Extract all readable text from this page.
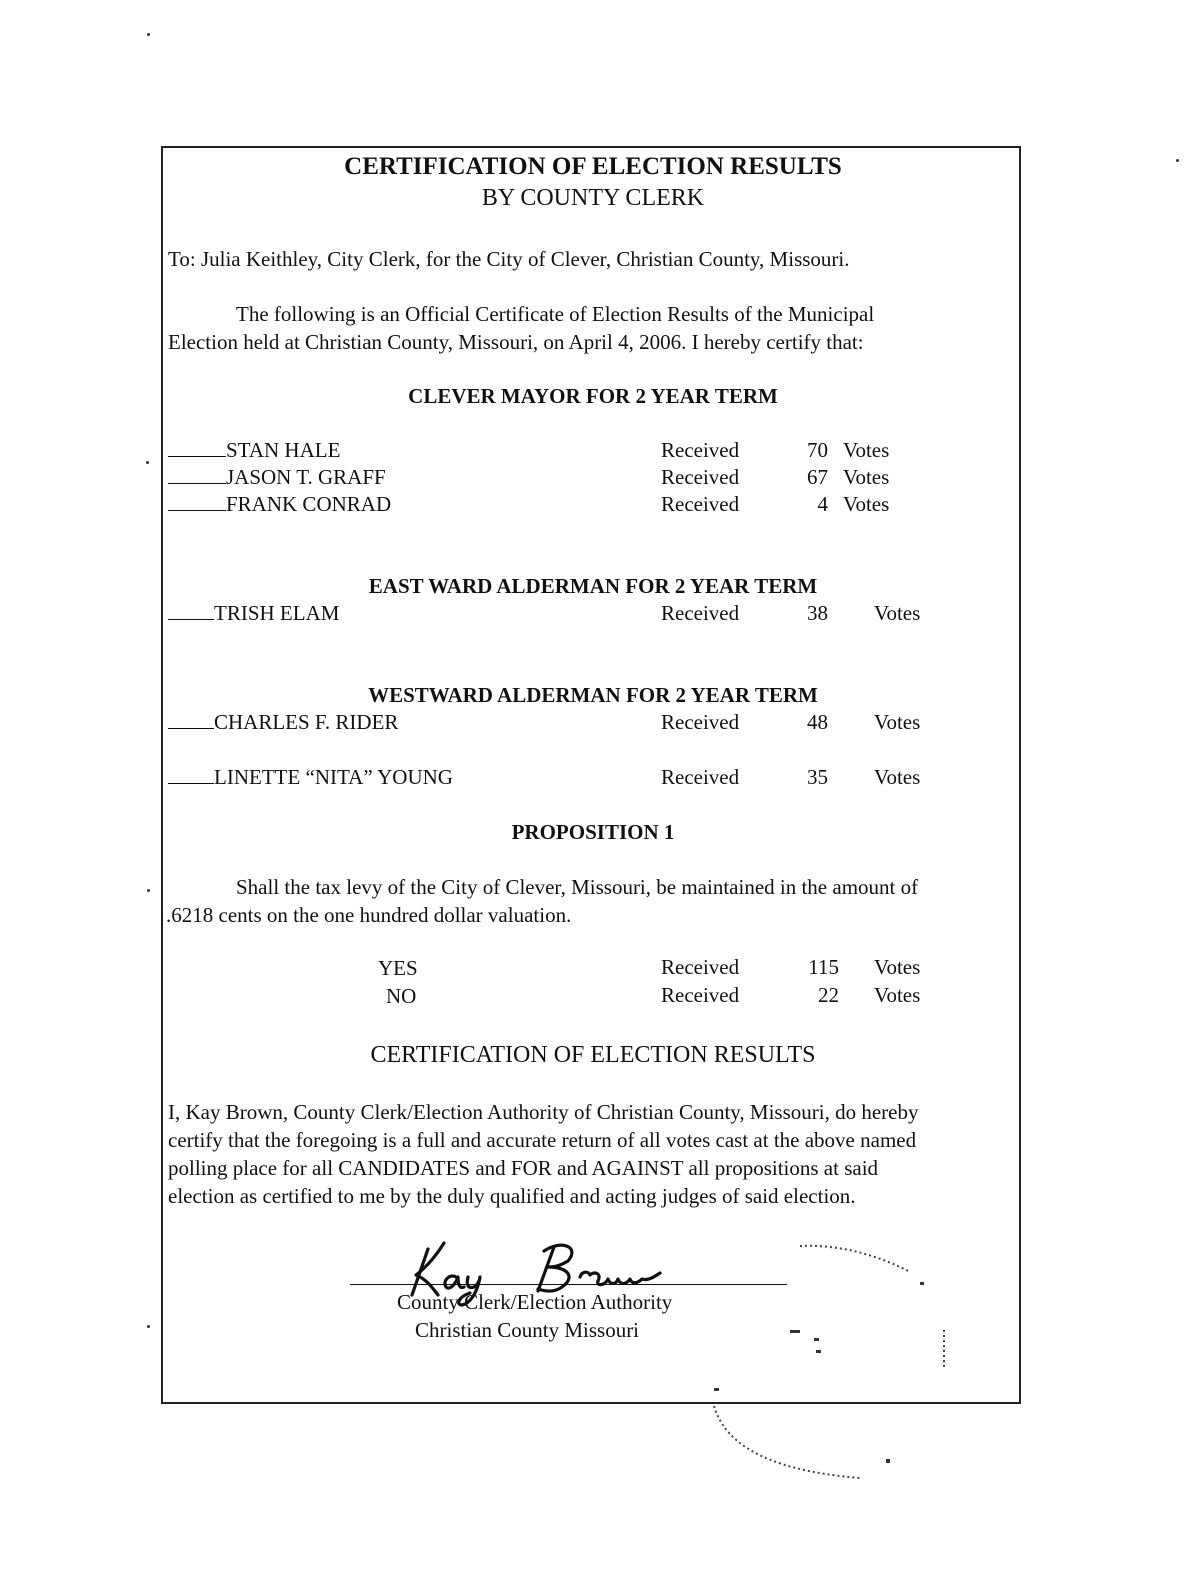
CERTIFICATION OF ELECTION RESULTS
BY COUNTY CLERK
To: Julia Keithley, City Clerk, for the City of Clever, Christian County, Missouri.
The following is an Official Certificate of Election Results of the Municipal
Election held at Christian County, Missouri, on April 4, 2006. I hereby certify that:
CLEVER MAYOR FOR 2 YEAR TERM
STAN HALE	Received	70 Votes
JASON T. GRAFF	Received	67 Votes
FRANK CONRAD	Received	4 Votes
EAST WARD ALDERMAN FOR 2 YEAR TERM
TRISH ELAM	Received	38 Votes
WESTWARD ALDERMAN FOR 2 YEAR TERM
CHARLES F. RIDER	Received	48 Votes
LINETTE “NITA” YOUNG	Received	35 Votes
PROPOSITION 1
Shall the tax levy of the City of Clever, Missouri, be maintained in the amount of
.6218 cents on the one hundred dollar valuation.
YES	Received	115 Votes
NO	Received	22 Votes
CERTIFICATION OF ELECTION RESULTS
I, Kay Brown, County Clerk/Election Authority of Christian County, Missouri, do hereby
certify that the foregoing is a full and accurate return of all votes cast at the above named
polling place for all CANDIDATES and FOR and AGAINST all propositions at said
election as certified to me by the duly qualified and acting judges of said election.
County Clerk/Election Authority
Christian County Missouri
